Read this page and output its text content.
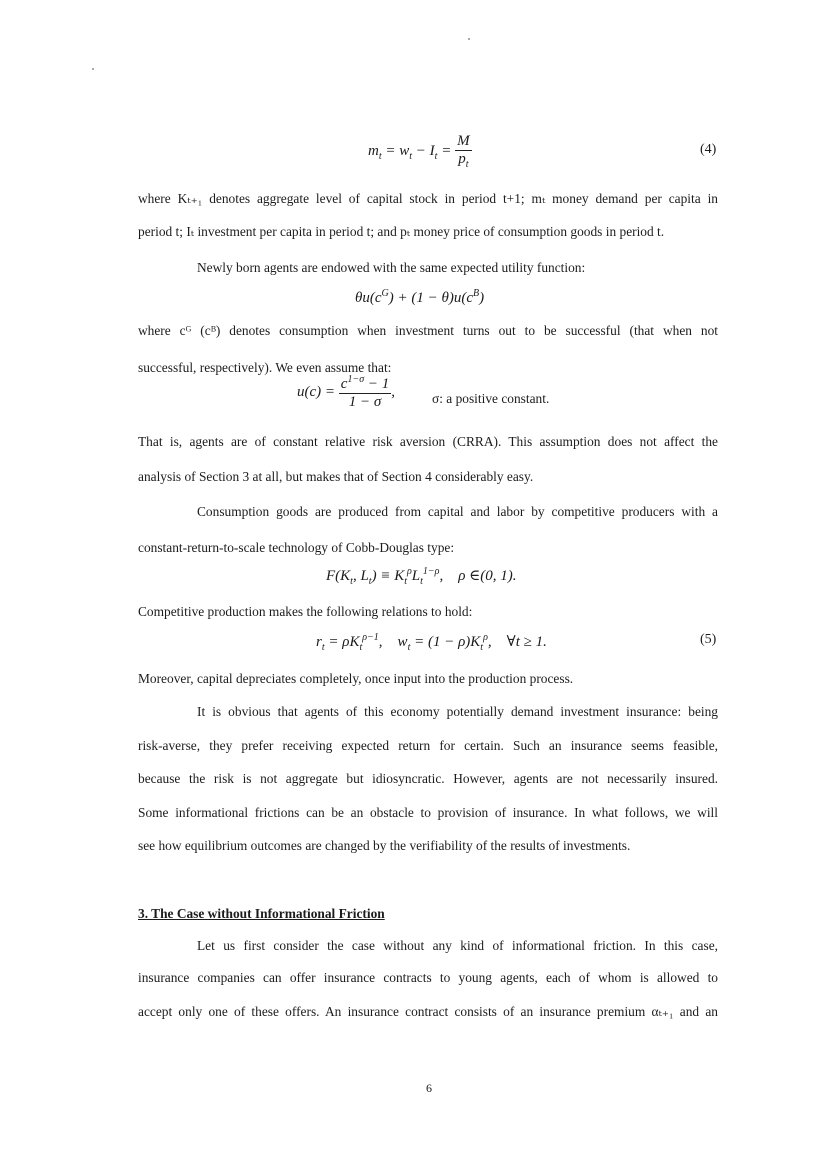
$m_t = w_t - I_t = \frac{M}{p_t}$	(4)
where Kₜ₊₁ denotes aggregate level of capital stock in period t+1; mₜ money demand per capita in
period t; Iₜ investment per capita in period t; and pₜ money price of consumption goods in period t.
Newly born agents are endowed with the same expected utility function:
$\theta u(c^G) + (1 - \theta)u(c^B)$
where cᴳ (cᴮ) denotes consumption when investment turns out to be successful (that when not
successful, respectively). We even assume that:
$u(c) = \frac{c^{1-\sigma} - 1}{1 - \sigma}$ ,	σ: a positive constant.
That is, agents are of constant relative risk aversion (CRRA). This assumption does not affect the
analysis of Section 3 at all, but makes that of Section 4 considerably easy.
Consumption goods are produced from capital and labor by competitive producers with a
constant-return-to-scale technology of Cobb-Douglas type:
$F(K_t$, $L_t) \equiv K_t^\rho L_t^{1-\rho}$,    ρ ∈(0, 1).
Competitive production makes the following relations to hold:
$r_t = \rho K_t^{\rho-1}$,    $w_t = (1 - \rho)K_t^\rho$,    ∀t ≥ 1.	(5)
Moreover, capital depreciates completely, once input into the production process.
It is obvious that agents of this economy potentially demand investment insurance: being
risk-averse, they prefer receiving expected return for certain. Such an insurance seems feasible,
because the risk is not aggregate but idiosyncratic. However, agents are not necessarily insured.
Some informational frictions can be an obstacle to provision of insurance. In what follows, we will
see how equilibrium outcomes are changed by the verifiability of the results of investments.
3. The Case without Informational Friction
Let us first consider the case without any kind of informational friction. In this case,
insurance companies can offer insurance contracts to young agents, each of whom is allowed to
accept only one of these offers. An insurance contract consists of an insurance premium αₜ₊₁ and an
6
